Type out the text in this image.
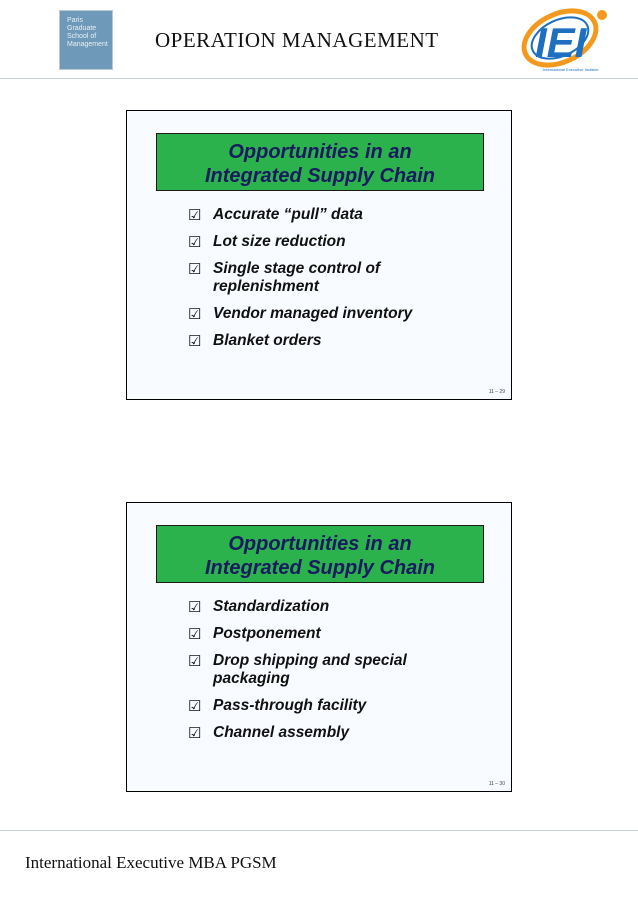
Paris
Graduate
School of
Management OPERATION MANAGEMENT	IEI
International Executive Institute
Opportunities in an
Integrated Supply Chain
☑ Accurate “pull” data
☑ Lot size reduction
☑ Single stage control of replenishment
☑ Vendor managed inventory
☑ Blanket orders
11 – 29
Opportunities in an
Integrated Supply Chain
☑ Standardization
☑ Postponement
☑ Drop shipping and special packaging
☑ Pass-through facility
☑ Channel assembly
11 – 30
International Executive MBA PGSM
